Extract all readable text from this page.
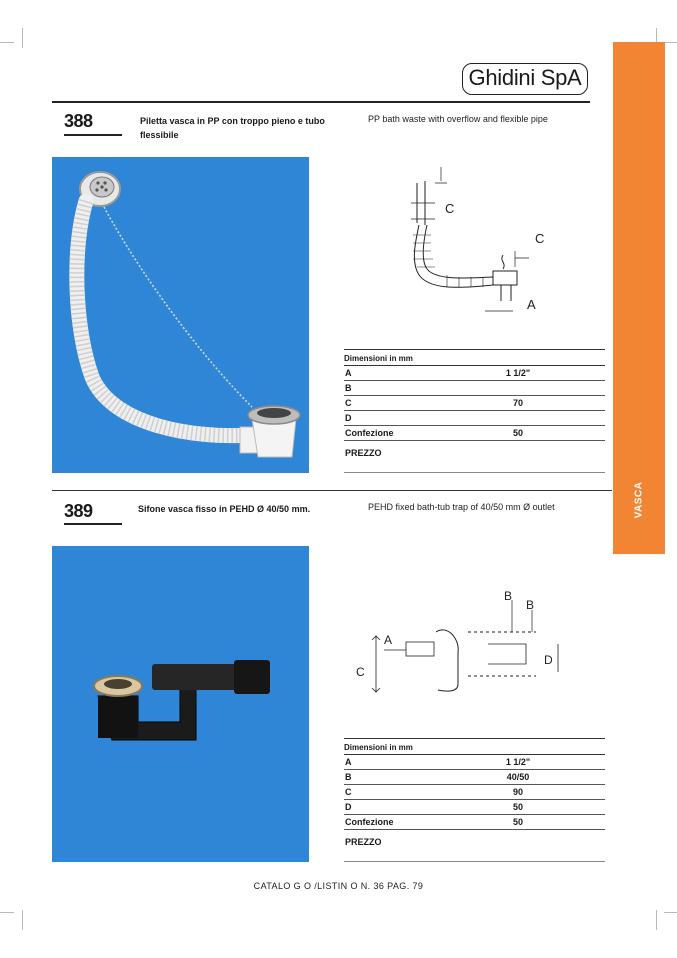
Ghidini SpA
VASCA
388	Piletta vasca in PP con troppo pieno e tubo flessibile
PP bath waste with overflow and flexible pipe
C
C
A
Dimensioni in mm
A	1 1/2"
B
C	70
D
Confezione	50
PREZZO
389	Sifone vasca fisso in PEHD Ø 40/50 mm.	PEHD fixed bath-tub trap of 40/50 mm Ø outlet
B
B
A
C
D
Dimensioni in mm
A	1 1/2"
B	40/50
C	90
D	50
Confezione	50
PREZZO
CATALO G O /LISTIN O N. 36 PAG. 79
